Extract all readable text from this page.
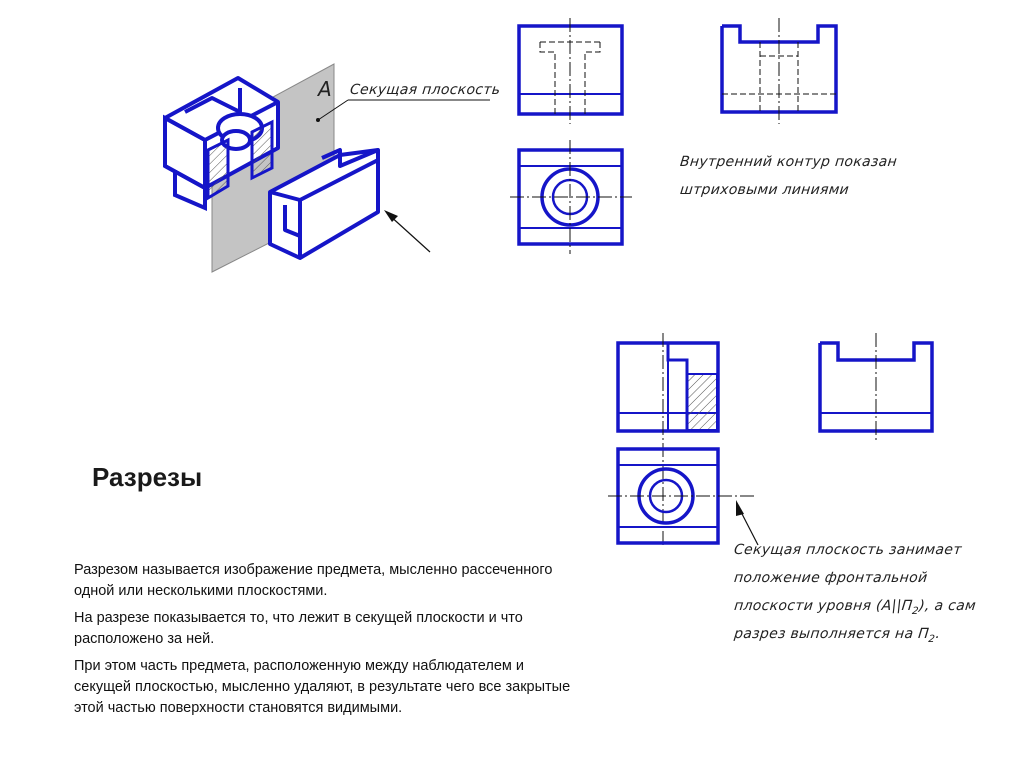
A Секущая плоскость
Внутренний контур показан
штриховыми линиями
Секущая плоскость занимает
положение фронтальной
плоскости уровня $(A||П_2)$, а сам
разрез выполняется на $П_2$.
Разрезы

Разрезом называется изображение предмета, мысленно рассеченного одной или несколькими плоскостями.

На разрезе показывается то, что лежит в секущей плоскости и что расположено за ней.

При этом часть предмета, расположенную между наблюдателем и секущей плоскостью, мысленно удаляют, в результате чего все закрытые этой частью поверхности становятся видимыми.
